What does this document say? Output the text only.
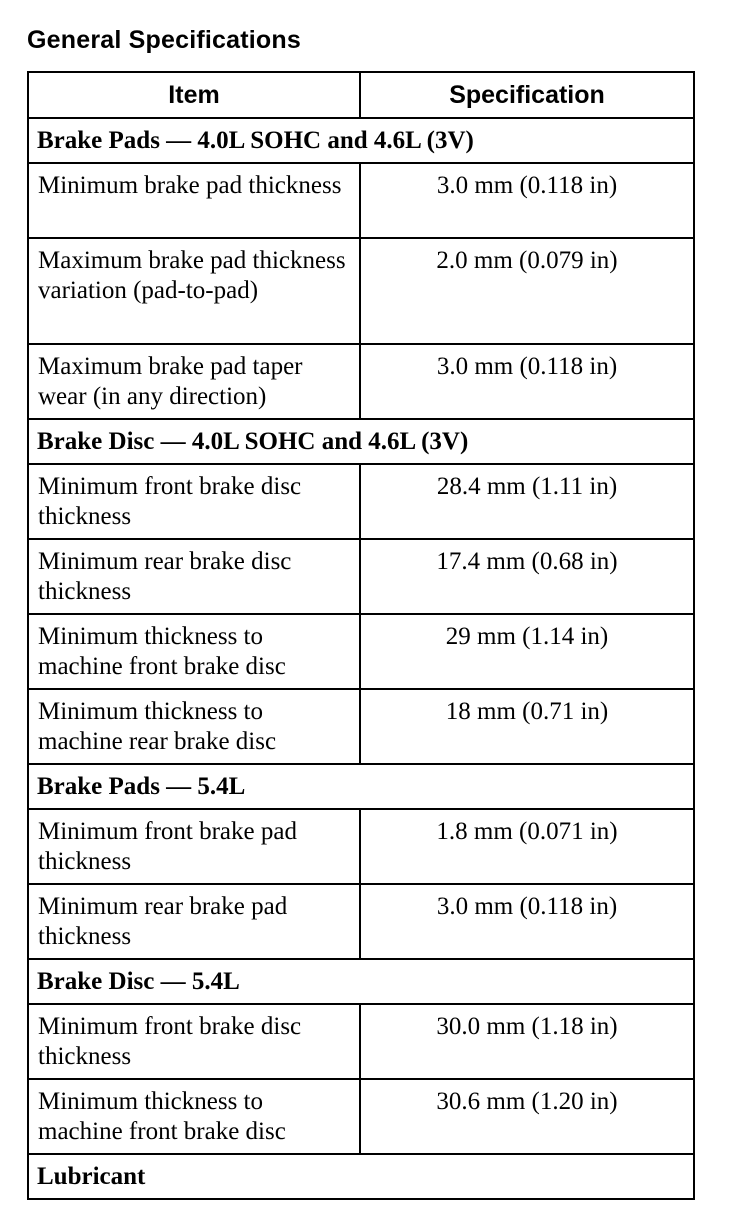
General Specifications
Item	Specification
Brake Pads — 4.0L SOHC and 4.6L (3V)	
Minimum brake pad thickness	3.0 mm (0.118 in)
Maximum brake pad thickness variation (pad-to-pad)	2.0 mm (0.079 in)
Maximum brake pad taper wear (in any direction)	3.0 mm (0.118 in)
Brake Disc — 4.0L SOHC and 4.6L (3V)	
Minimum front brake disc thickness	28.4 mm (1.11 in)
Minimum rear brake disc thickness	17.4 mm (0.68 in)
Minimum thickness to machine front brake disc	29 mm (1.14 in)
Minimum thickness to machine rear brake disc	18 mm (0.71 in)
Brake Pads — 5.4L	
Minimum front brake pad thickness	1.8 mm (0.071 in)
Minimum rear brake pad thickness	3.0 mm (0.118 in)
Brake Disc — 5.4L	
Minimum front brake disc thickness	30.0 mm (1.18 in)
Minimum thickness to machine front brake disc	30.6 mm (1.20 in)
Lubricant	
